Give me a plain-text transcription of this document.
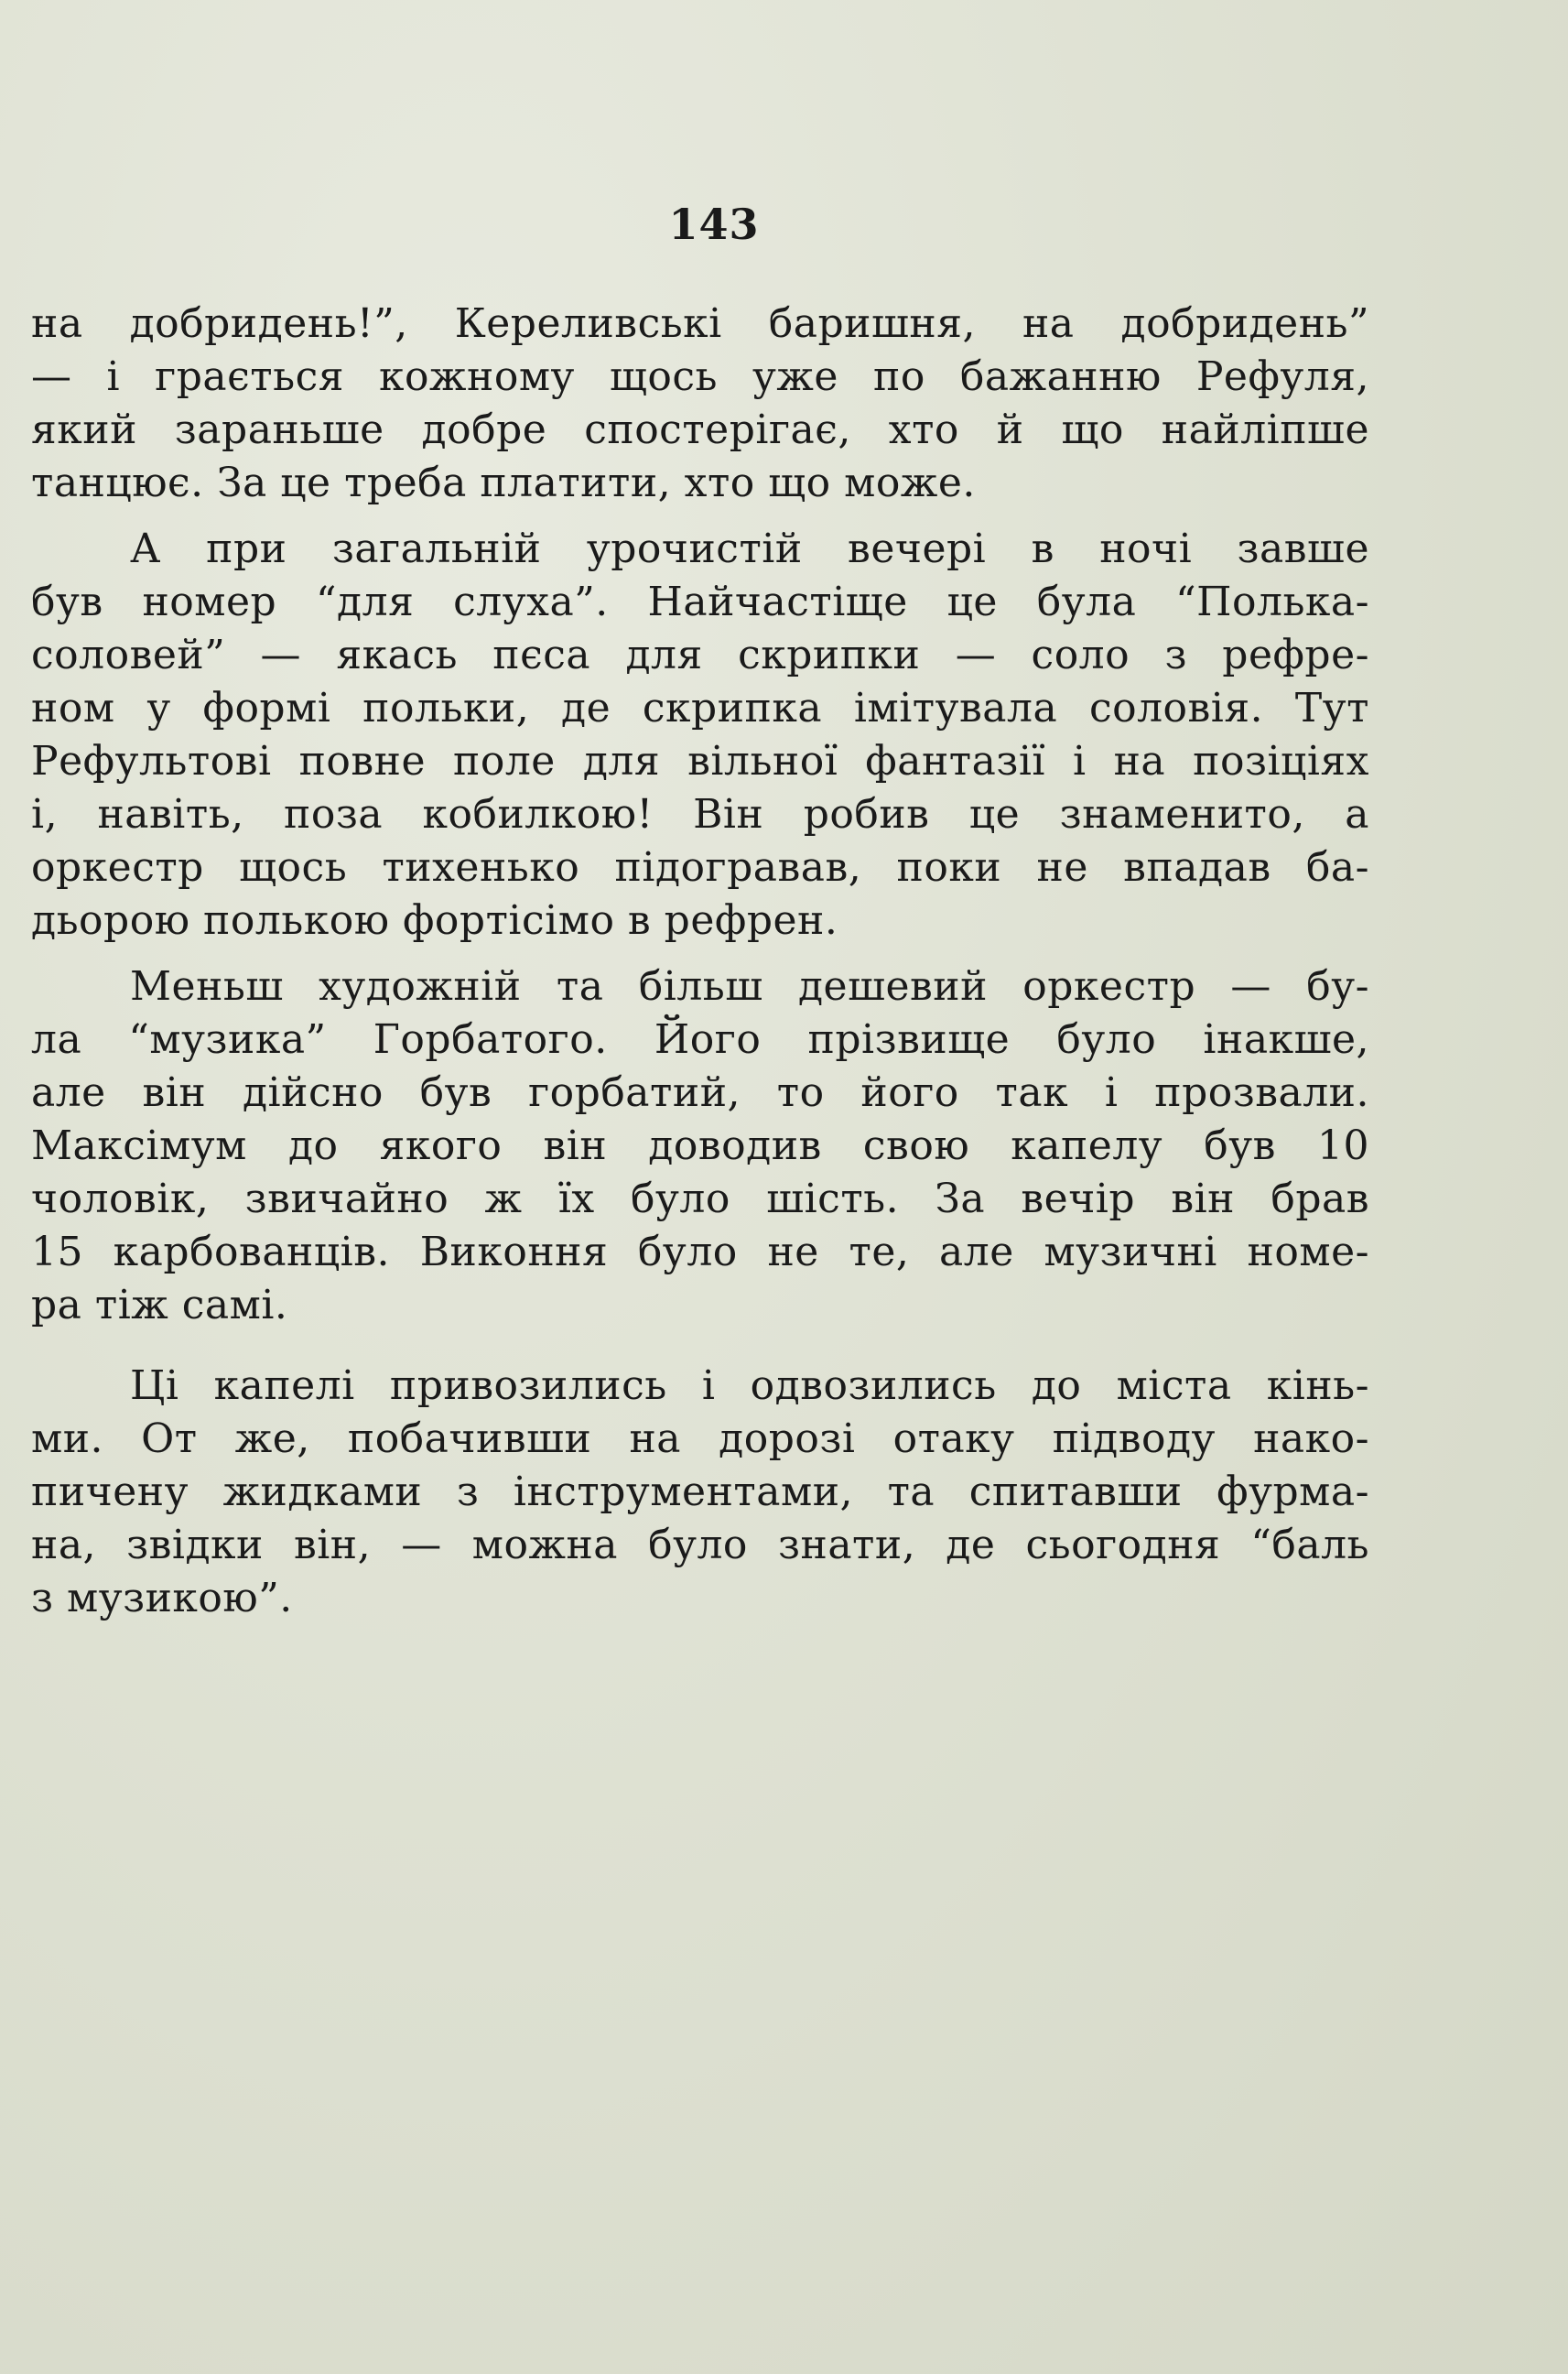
143
на добридень!”, Кереливські баришня, на добридень”
— і грається кожному щось уже по бажанню Рефуля,
який зараньше добре спостерігає, хто й що найліпше
танцює. За це треба платити, хто що може.
А при загальній урочистій вечері в ночі завше
був номер “для слуха”. Найчастіще це була “Полька-
соловей” — якась пєса для скрипки — соло з рефре-
ном у формі польки, де скрипка імітувала соловія. Тут
Рефультові повне поле для вільної фантазії і на позіціях
і, навіть, поза кобилкою! Він робив це знаменито, а
оркестр щось тихенько підогравав, поки не впадав ба-
дьорою полькою фортісімо в рефрен.
Меньш художній та більш дешевий оркестр — бу-
ла “музика” Горбатого. Його прізвище було інакше,
але він дійсно був горбатий, то його так і прозвали.
Максімум до якого він доводив свою капелу був 10
чоловік, звичайно ж їх було шість. За вечір він брав
15 карбованців. Виконня було не те, але музичні номе-
ра тіж самі.
Ці капелі привозились і одвозились до міста кінь-
ми. От же, побачивши на дорозі отаку підводу нако-
пичену жидками з інструментами, та спитавши фурма-
на, звідки він, — можна було знати, де сьогодня “баль
з музикою”.
